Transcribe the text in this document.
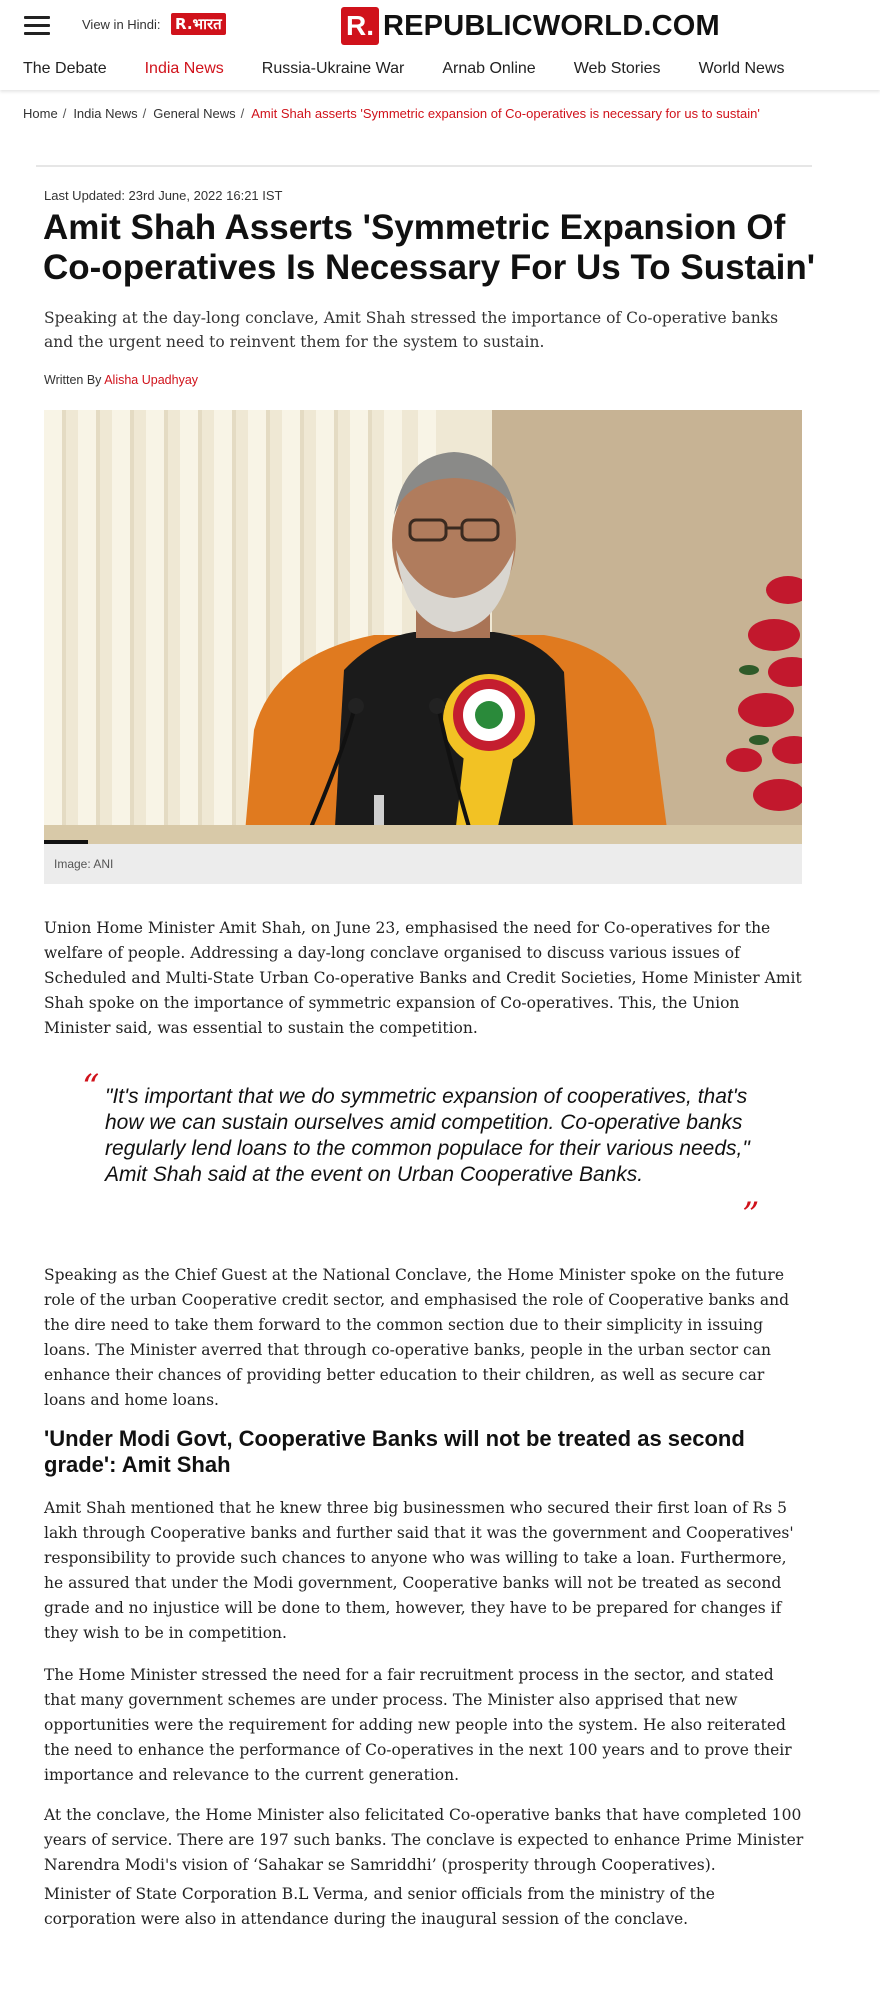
View in Hindi: R.भारत	R. REPUBLICWORLD.COM
The Debate India News Russia-Ukraine War Arnab Online Web Stories World News
Home / India News / General News / Amit Shah asserts 'Symmetric expansion of Co-operatives is necessary for us to sustain'
Last Updated: 23rd June, 2022 16:21 IST
Amit Shah Asserts 'Symmetric Expansion Of Co-operatives Is Necessary For Us To Sustain'

Speaking at the day-long conclave, Amit Shah stressed the importance of Co-operative banks and the urgent need to reinvent them for the system to sustain.

Written By Alisha Upadhyay
Image: ANI

Union Home Minister Amit Shah, on June 23, emphasised the need for Co-operatives for the welfare of people. Addressing a day-long conclave organised to discuss various issues of Scheduled and Multi-State Urban Co-operative Banks and Credit Societies, Home Minister Amit Shah spoke on the importance of symmetric expansion of Co-operatives. This, the Union Minister said, was essential to sustain the competition.

“ "It's important that we do symmetric expansion of cooperatives, that's how we can sustain ourselves amid competition. Co-operative banks regularly lend loans to the common populace for their various needs," Amit Shah said at the event on Urban Cooperative Banks.

”

Speaking as the Chief Guest at the National Conclave, the Home Minister spoke on the future role of the urban Cooperative credit sector, and emphasised the role of Cooperative banks and the dire need to take them forward to the common section due to their simplicity in issuing loans. The Minister averred that through co-operative banks, people in the urban sector can enhance their chances of providing better education to their children, as well as secure car loans and home loans.

'Under Modi Govt, Cooperative Banks will not be treated as second grade': Amit Shah

Amit Shah mentioned that he knew three big businessmen who secured their first loan of Rs 5 lakh through Cooperative banks and further said that it was the government and Cooperatives' responsibility to provide such chances to anyone who was willing to take a loan. Furthermore, he assured that under the Modi government, Cooperative banks will not be treated as second grade and no injustice will be done to them, however, they have to be prepared for changes if they wish to be in competition.

The Home Minister stressed the need for a fair recruitment process in the sector, and stated that many government schemes are under process. The Minister also apprised that new opportunities were the requirement for adding new people into the system. He also reiterated the need to enhance the performance of Co-operatives in the next 100 years and to prove their importance and relevance to the current generation.

At the conclave, the Home Minister also felicitated Co-operative banks that have completed 100 years of service. There are 197 such banks. The conclave is expected to enhance Prime Minister Narendra Modi's vision of ‘Sahakar se Samriddhi’ (prosperity through Cooperatives).

Minister of State Corporation B.L Verma, and senior officials from the ministry of the corporation were also in attendance during the inaugural session of the conclave.
